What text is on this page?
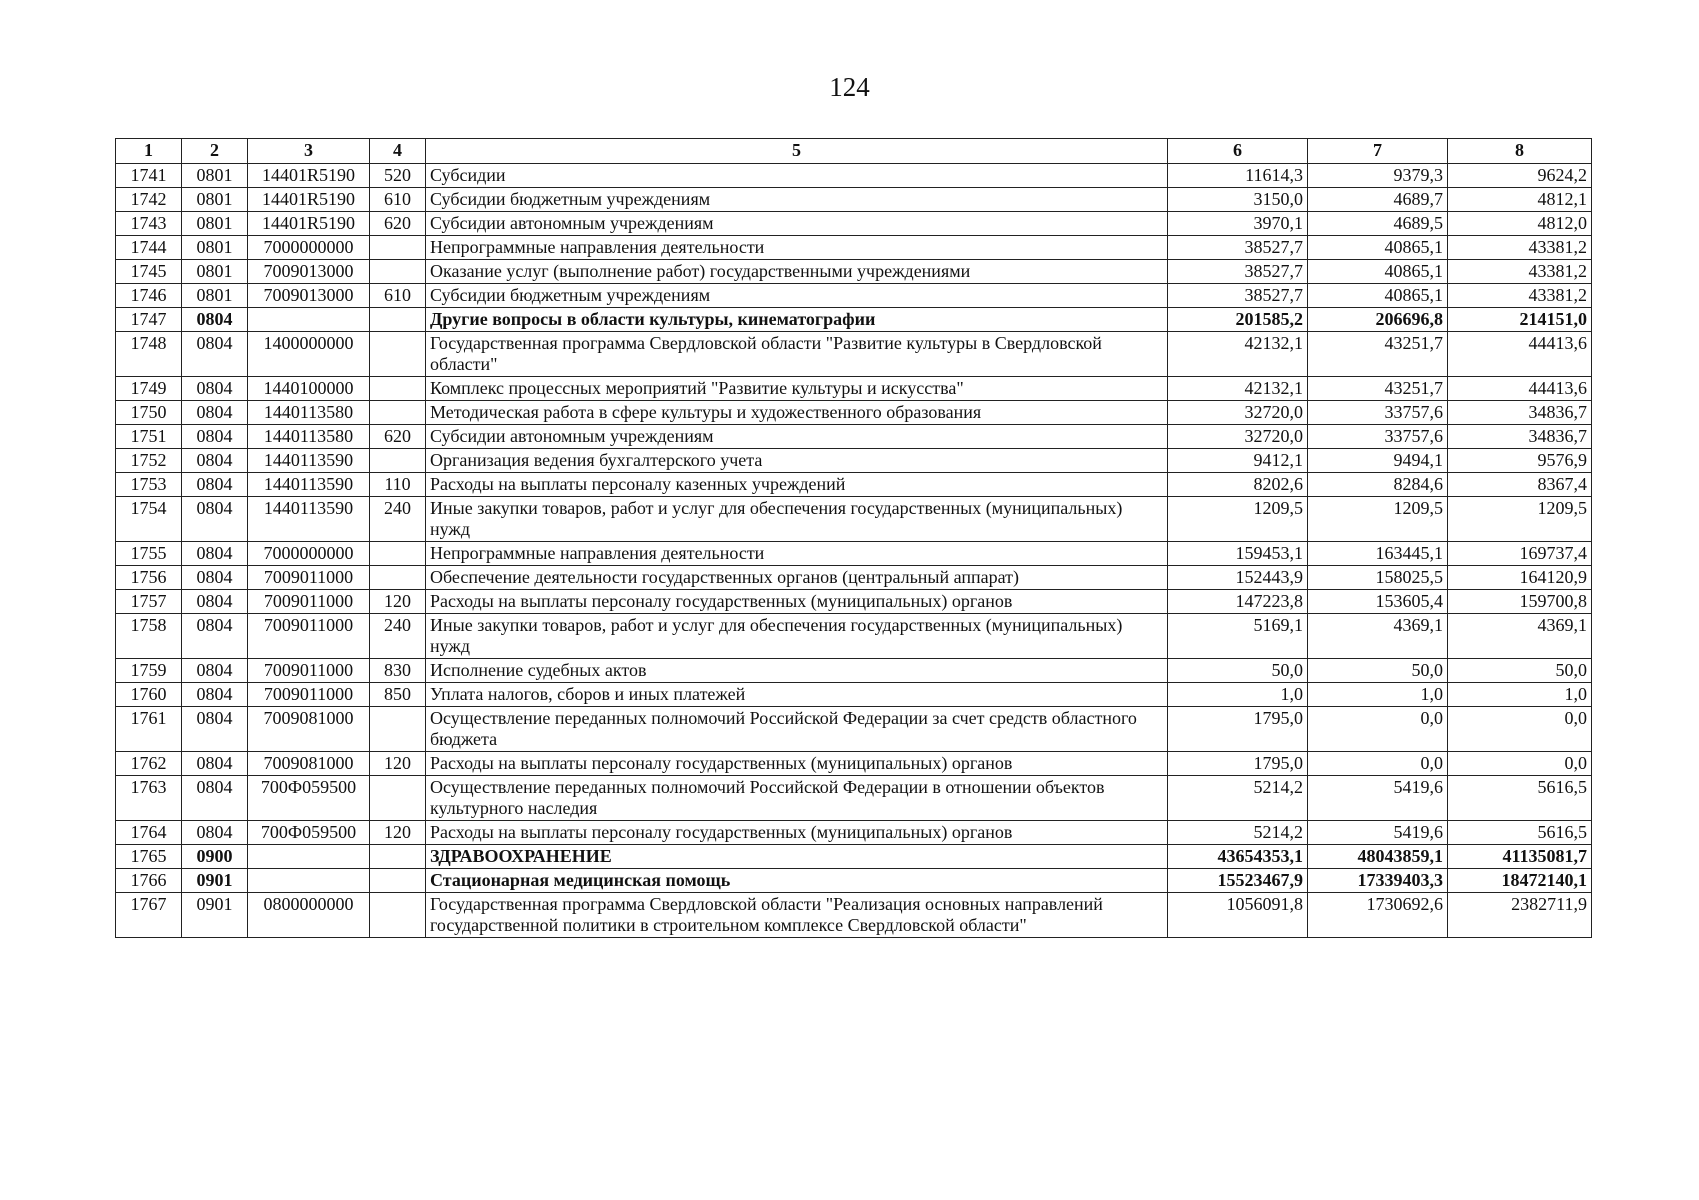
124
1	2	3	4	5	6	7	8
1741	0801	14401R5190	520	Субсидии	11614,3	9379,3	9624,2
1742	0801	14401R5190	610	Субсидии бюджетным учреждениям	3150,0	4689,7	4812,1
1743	0801	14401R5190	620	Субсидии автономным учреждениям	3970,1	4689,5	4812,0
1744	0801	7000000000		Непрограммные направления деятельности	38527,7	40865,1	43381,2
1745	0801	7009013000		Оказание услуг (выполнение работ) государственными учреждениями	38527,7	40865,1	43381,2
1746	0801	7009013000	610	Субсидии бюджетным учреждениям	38527,7	40865,1	43381,2
1747	0804			Другие вопросы в области культуры, кинематографии	201585,2	206696,8	214151,0
1748	0804	1400000000		Государственная программа Свердловской области "Развитие культуры в Свердловской области"	42132,1	43251,7	44413,6
1749	0804	1440100000		Комплекс процессных мероприятий "Развитие культуры и искусства"	42132,1	43251,7	44413,6
1750	0804	1440113580		Методическая работа в сфере культуры и художественного образования	32720,0	33757,6	34836,7
1751	0804	1440113580	620	Субсидии автономным учреждениям	32720,0	33757,6	34836,7
1752	0804	1440113590		Организация ведения бухгалтерского учета	9412,1	9494,1	9576,9
1753	0804	1440113590	110	Расходы на выплаты персоналу казенных учреждений	8202,6	8284,6	8367,4
1754	0804	1440113590	240	Иные закупки товаров, работ и услуг для обеспечения государственных (муниципальных) нужд	1209,5	1209,5	1209,5
1755	0804	7000000000		Непрограммные направления деятельности	159453,1	163445,1	169737,4
1756	0804	7009011000		Обеспечение деятельности государственных органов (центральный аппарат)	152443,9	158025,5	164120,9
1757	0804	7009011000	120	Расходы на выплаты персоналу государственных (муниципальных) органов	147223,8	153605,4	159700,8
1758	0804	7009011000	240	Иные закупки товаров, работ и услуг для обеспечения государственных (муниципальных) нужд	5169,1	4369,1	4369,1
1759	0804	7009011000	830	Исполнение судебных актов	50,0	50,0	50,0
1760	0804	7009011000	850	Уплата налогов, сборов и иных платежей	1,0	1,0	1,0
1761	0804	7009081000		Осуществление переданных полномочий Российской Федерации за счет средств областного бюджета	1795,0	0,0	0,0
1762	0804	7009081000	120	Расходы на выплаты персоналу государственных (муниципальных) органов	1795,0	0,0	0,0
1763	0804	700Ф059500		Осуществление переданных полномочий Российской Федерации в отношении объектов культурного наследия	5214,2	5419,6	5616,5
1764	0804	700Ф059500	120	Расходы на выплаты персоналу государственных (муниципальных) органов	5214,2	5419,6	5616,5
1765	0900			ЗДРАВООХРАНЕНИЕ	43654353,1	48043859,1	41135081,7
1766	0901			Стационарная медицинская помощь	15523467,9	17339403,3	18472140,1
1767	0901	0800000000		Государственная программа Свердловской области "Реализация основных направлений государственной политики в строительном комплексе Свердловской области"	1056091,8	1730692,6	2382711,9
